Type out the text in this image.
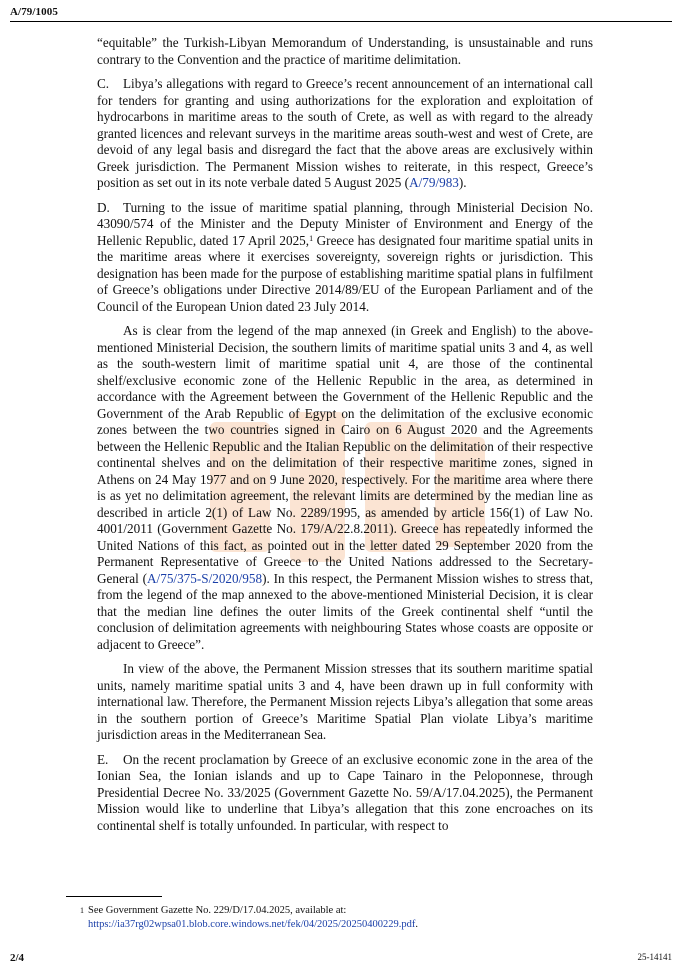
A/79/1005

“equitable” the Turkish-Libyan Memorandum of Understanding, is unsustainable and runs contrary to the Convention and the practice of maritime delimitation.

C. Libya’s allegations with regard to Greece’s recent announcement of an international call for tenders for granting and using authorizations for the exploration and exploitation of hydrocarbons in maritime areas to the south of Crete, as well as with regard to the already granted licences and relevant surveys in the maritime areas south-west and west of Crete, are devoid of any legal basis and disregard the fact that the above areas are exclusively within Greek jurisdiction. The Permanent Mission wishes to reiterate, in this respect, Greece’s position as set out in its note verbale dated 5 August 2025 (A/79/983).

D. Turning to the issue of maritime spatial planning, through Ministerial Decision No. 43090/574 of the Minister and the Deputy Minister of Environment and Energy of the Hellenic Republic, dated 17 April 2025,$^1$ Greece has designated four maritime spatial units in the maritime areas where it exercises sovereignty, sovereign rights or jurisdiction. This designation has been made for the purpose of establishing maritime spatial plans in fulfilment of Greece’s obligations under Directive 2014/89/EU of the European Parliament and of the Council of the European Union dated 23 July 2014.

As is clear from the legend of the map annexed (in Greek and English) to the above-mentioned Ministerial Decision, the southern limits of maritime spatial units 3 and 4, as well as the south-western limit of maritime spatial unit 4, are those of the continental shelf/exclusive economic zone of the Hellenic Republic in the area, as determined in accordance with the Agreement between the Government of the Hellenic Republic and the Government of the Arab Republic of Egypt on the delimitation of the exclusive economic zones between the two countries signed in Cairo on 6 August 2020 and the Agreements between the Hellenic Republic and the Italian Republic on the delimitation of their respective continental shelves and on the delimitation of their respective maritime zones, signed in Athens on 24 May 1977 and on 9 June 2020, respectively. For the maritime area where there is as yet no delimitation agreement, the relevant limits are determined by the median line as described in article 2(1) of Law No. 2289/1995, as amended by article 156(1) of Law No. 4001/2011 (Government Gazette No. 179/A/22.8.2011). Greece has repeatedly informed the United Nations of this fact, as pointed out in the letter dated 29 September 2020 from the Permanent Representative of Greece to the United Nations addressed to the Secretary-General (A/75/375-S/2020/958). In this respect, the Permanent Mission wishes to stress that, from the legend of the map annexed to the above-mentioned Ministerial Decision, it is clear that the median line defines the outer limits of the Greek continental shelf “until the conclusion of delimitation agreements with neighbouring States whose coasts are opposite or adjacent to Greece”.

In view of the above, the Permanent Mission stresses that its southern maritime spatial units, namely maritime spatial units 3 and 4, have been drawn up in full conformity with international law. Therefore, the Permanent Mission rejects Libya’s allegation that some areas in the southern portion of Greece’s Maritime Spatial Plan violate Libya’s maritime jurisdiction areas in the Mediterranean Sea.

E. On the recent proclamation by Greece of an exclusive economic zone in the area of the Ionian Sea, the Ionian islands and up to Cape Tainaro in the Peloponnese, through Presidential Decree No. 33/2025 (Government Gazette No. 59/A/17.04.2025), the Permanent Mission would like to underline that Libya’s allegation that this zone encroaches on its continental shelf is totally unfounded. In particular, with respect to

1 See Government Gazette No. 229/D/17.04.2025, available at:
https://ia37rg02wpsa01.blob.core.windows.net/fek/04/2025/20250400229.pdf.
2/4	25-14141
